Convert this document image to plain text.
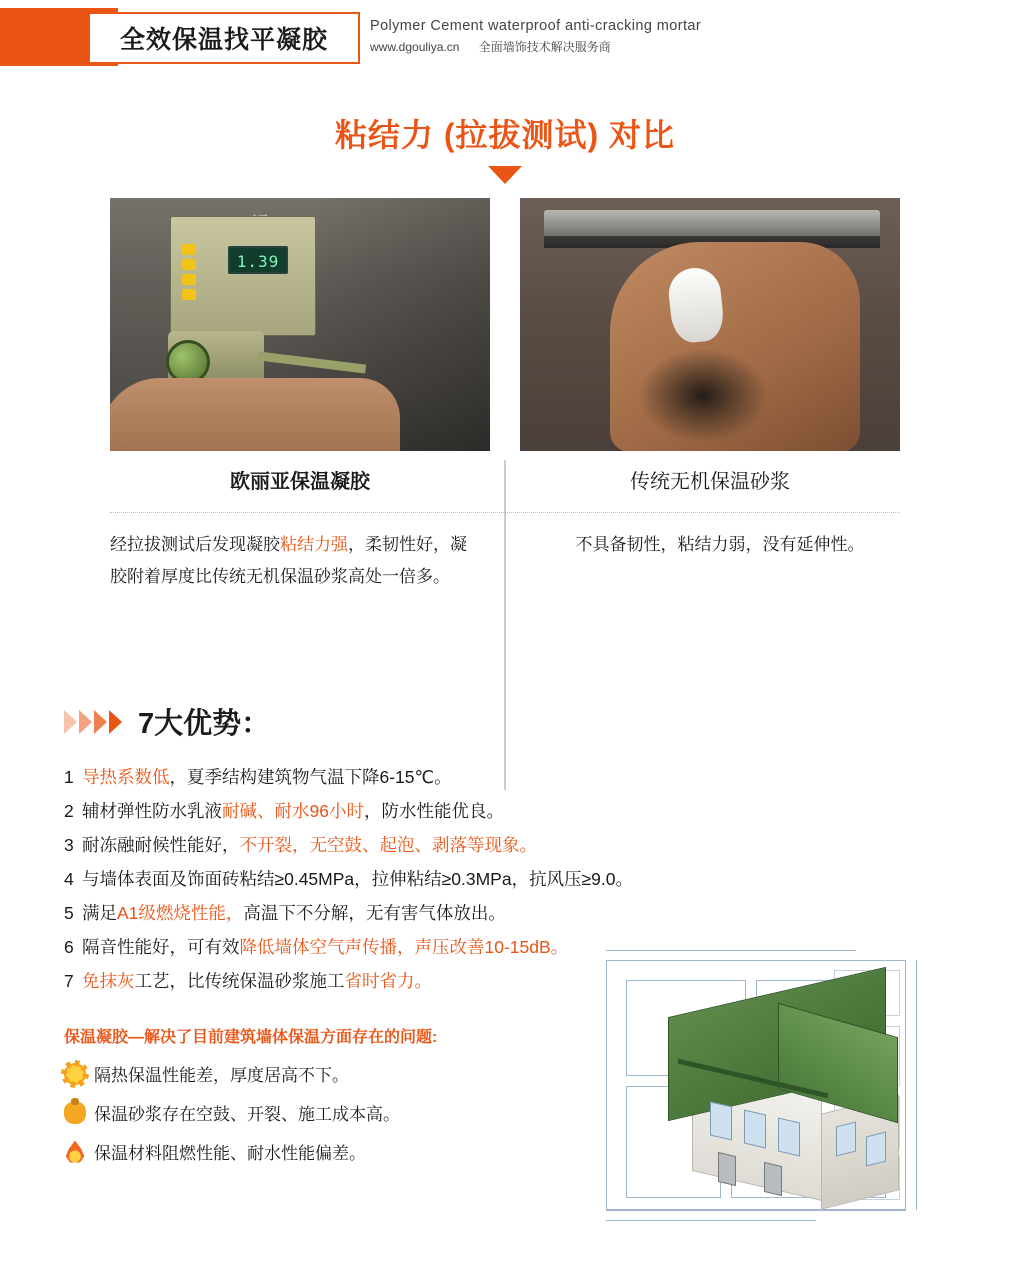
全效保温找平凝胶	Polymer Cement waterproof anti-cracking mortar
www.dgouliya.cn 全面墙饰技术解决服务商
粘结力 (拉拔测试) 对比
1.39
欧丽亚保温凝胶	传统无机保温砂浆
经拉拔测试后发现凝胶粘结力强，柔韧性好，凝胶附着厚度比传统无机保温砂浆高处一倍多。
不具备韧性，粘结力弱，没有延伸性。
7大优势：
1 导热系数低，夏季结构建筑物气温下降6-15℃。
2 辅材弹性防水乳液耐碱、耐水96小时，防水性能优良。
3 耐冻融耐候性能好，不开裂，无空鼓、起泡、剥落等现象。
4 与墙体表面及饰面砖粘结≥0.45MPa，拉伸粘结≥0.3MPa，抗风压≥9.0。
5 满足A1级燃烧性能，高温下不分解，无有害气体放出。
6 隔音性能好，可有效降低墙体空气声传播，声压改善10-15dB。
7 免抹灰工艺，比传统保温砂浆施工省时省力。
保温凝胶—解决了目前建筑墙体保温方面存在的问题:
隔热保温性能差，厚度居高不下。
保温砂浆存在空鼓、开裂、施工成本高。
保温材料阻燃性能、耐水性能偏差。
